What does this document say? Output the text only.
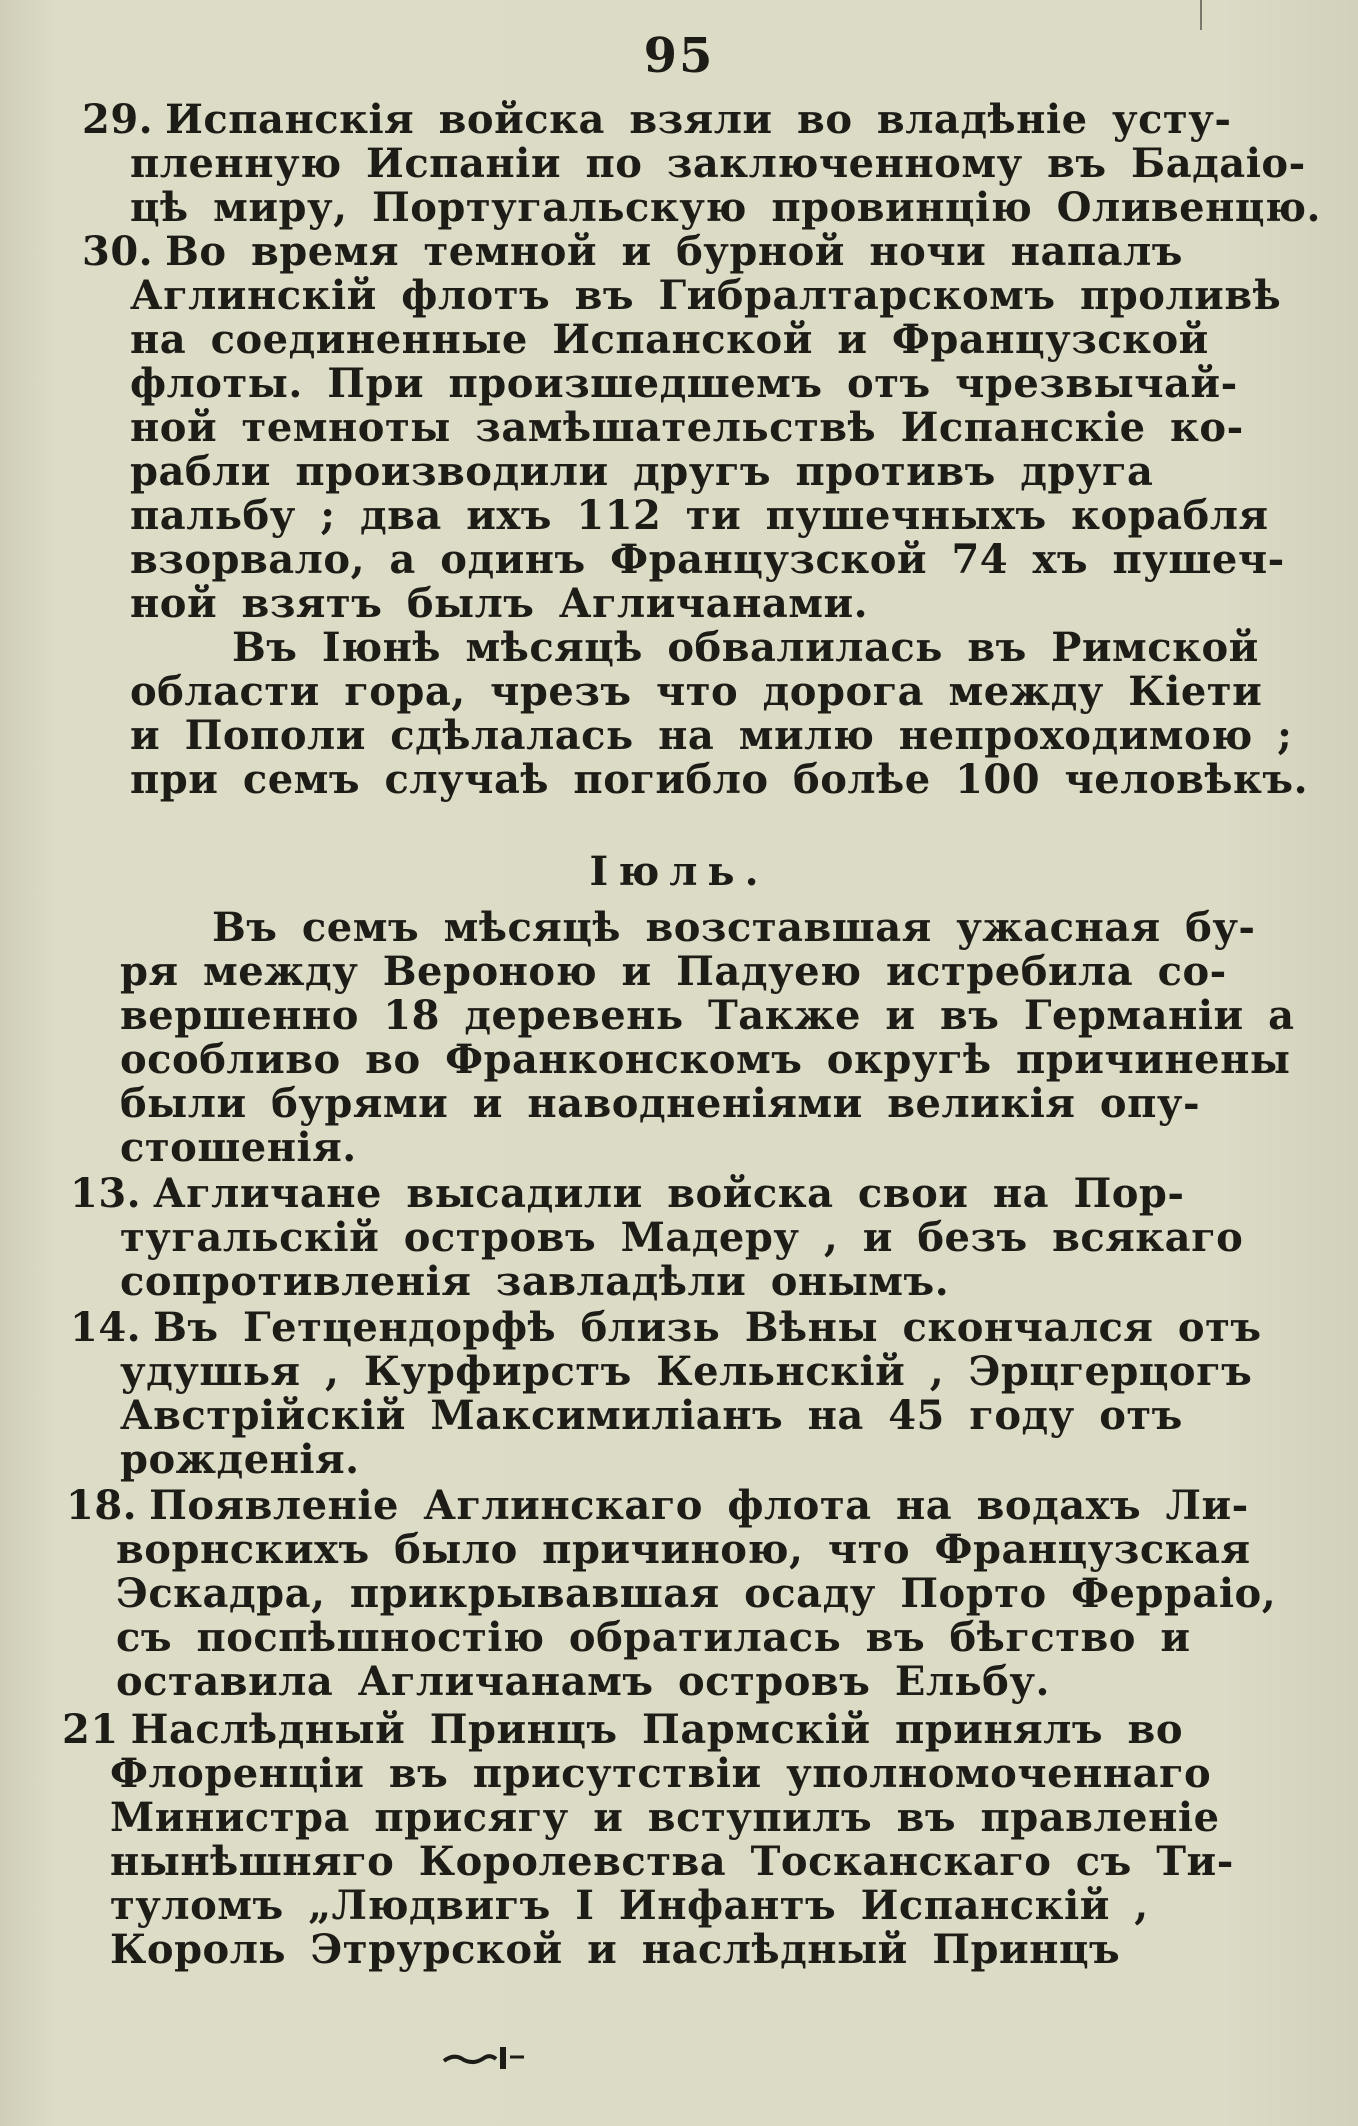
95
29. Испанскія войска взяли во владѣніе усту-
пленную Испаніи по заключенному въ Бадаіо-
цѣ миру, Португальскую провинцію Оливенцю.
30. Во время темной и бурной ночи напалъ
Аглинскій флотъ въ Гибралтарскомъ проливѣ
на соединенные Испанской и Французской
флоты. При произшедшемъ отъ чрезвычай-
ной темноты замѣшательствѣ Испанскіе ко-
рабли производили другъ противъ друга
пальбу ; два ихъ 112 ти пушечныхъ корабля
взорвало, а одинъ Французской 74 хъ пушеч-
ной взятъ былъ Агличанами.
Въ Іюнѣ мѣсяцѣ обвалилась въ Римской
области гора, чрезъ что дорога между Кіети
и Пополи сдѣлалась на милю непроходимою ;
при семъ случаѣ погибло болѣе 100 человѣкъ.
Іюль.
Въ семъ мѣсяцѣ возставшая ужасная бу-
ря между Вероною и Падуею истребила со-
вершенно 18 деревень Также и въ Германіи а
особливо во Франконскомъ округѣ причинены
были бурями и наводненіями великія опу-
стошенія.
13. Агличане высадили войска свои на Пор-
тугальскій островъ Мадеру , и безъ всякаго
сопротивленія завладѣли онымъ.
14. Въ Гетцендорфѣ близь Вѣны скончался отъ
удушья , Курфирстъ Кельнскій , Эрцгерцогъ
Австрійскій Максимиліанъ на 45 году отъ
рожденія.
18. Появленіе Аглинскаго флота на водахъ Ли-
ворнскихъ было причиною, что Французская
Эскадра, прикрывавшая осаду Порто Ферраіо,
съ поспѣшностію обратилась въ бѣгство и
оставила Агличанамъ островъ Ельбу.
21 Наслѣдный Принцъ Пармскій принялъ во
Флоренціи въ присутствіи уполномоченнаго
Министра присягу и вступилъ въ правленіе
нынѣшняго Королевства Тосканскаго съ Ти-
туломъ „Людвигъ I Инфантъ Испанскій ,
Король Этрурской и наслѣдный Принцъ
